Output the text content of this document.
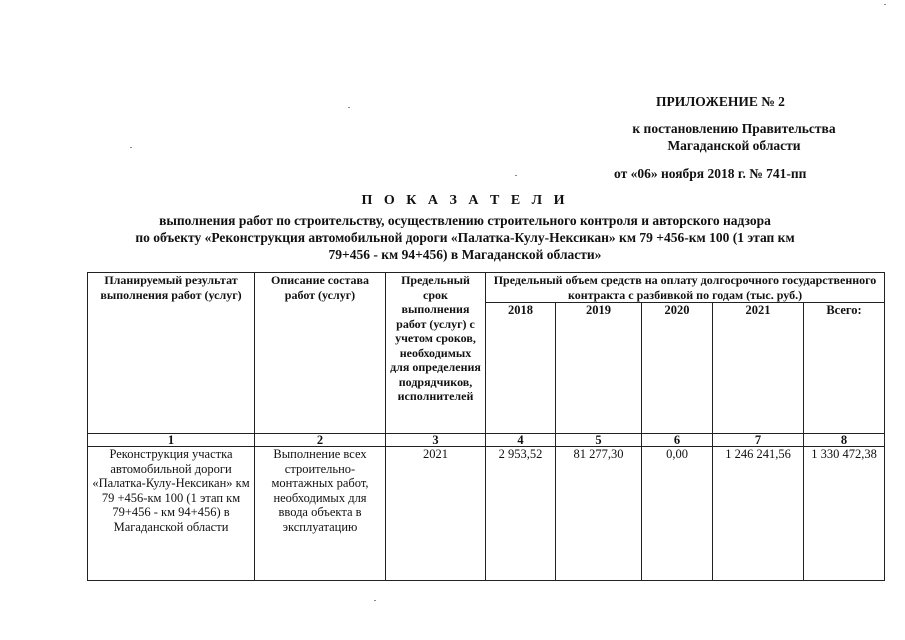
ПРИЛОЖЕНИЕ № 2
к постановлению Правительства
Магаданской области
от «06» ноября 2018 г. № 741-пп
П О К А З А Т Е Л И
выполнения работ по строительству, осуществлению строительного контроля и авторского надзора
по объекту «Реконструкция автомобильной дороги «Палатка-Кулу-Нексикан» км 79 +456-км 100 (1 этап км
79+456 - км 94+456) в Магаданской области»
Планируемый результат выполнения работ (услуг)	Описание состава работ (услуг)	Предельный срок выполнения работ (услуг) с учетом сроков, необходимых для определения подрядчиков, исполнителей	Предельный объем средств на оплату долгосрочного государственного контракта с разбивкой по годам (тыс. руб.)				
			2018	2019	2020	2021	Всего:
1	2	3	4	5	6	7	8
Реконструкция участка автомобильной дороги «Палатка-Кулу-Нексикан» км 79 +456-км 100 (1 этап км 79+456 - км 94+456) в Магаданской области	Выполнение всех строительно-монтажных работ, необходимых для ввода объекта в эксплуатацию	2021	2 953,52	81 277,30	0,00	1 246 241,56	1 330 472,38
